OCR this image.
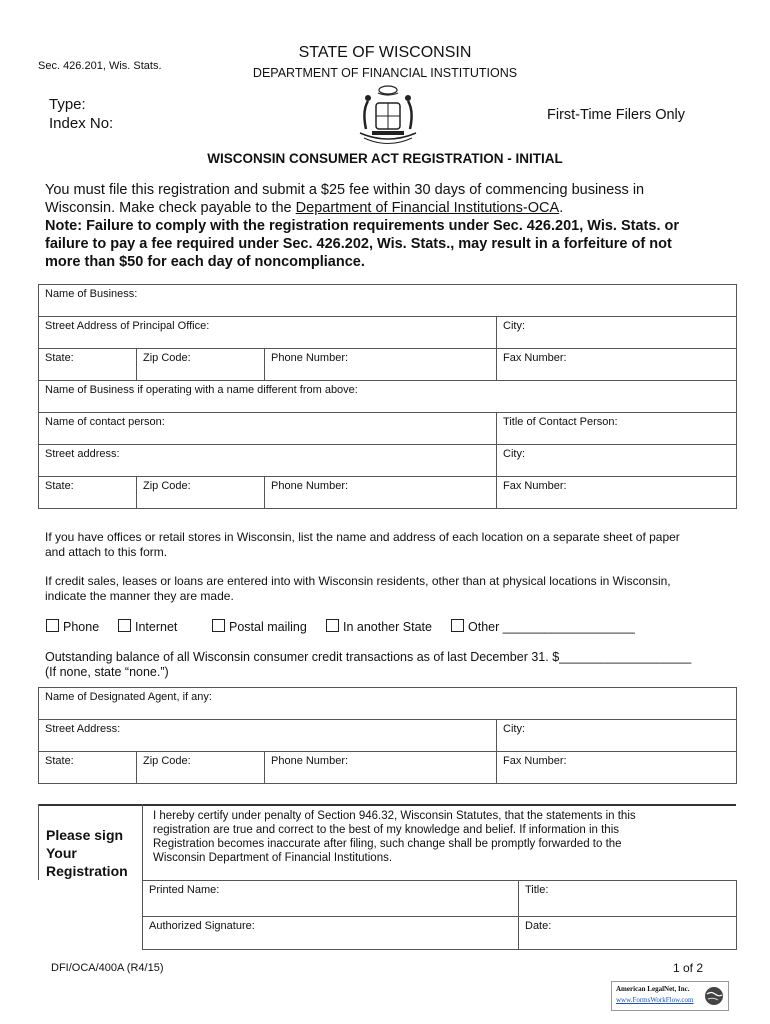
Sec. 426.201, Wis. Stats.
STATE OF WISCONSIN
DEPARTMENT OF FINANCIAL INSTITUTIONS
Type:
Index No:	First-Time Filers Only
WISCONSIN CONSUMER ACT REGISTRATION - INITIAL
You must file this registration and submit a $25 fee within 30 days of commencing business in
Wisconsin. Make check payable to the Department of Financial Institutions-OCA.
Note: Failure to comply with the registration requirements under Sec. 426.201, Wis. Stats. or
failure to pay a fee required under Sec. 426.202, Wis. Stats., may result in a forfeiture of not
more than $50 for each day of noncompliance.
Name of Business:			
Street Address of Principal Office:			City:
State:	Zip Code:	Phone Number:	Fax Number:
Name of Business if operating with a name different from above:			
Name of contact person:			Title of Contact Person:
Street address:			City:
State:	Zip Code:	Phone Number:	Fax Number:
If you have offices or retail stores in Wisconsin, list the name and address of each location on a separate sheet of paper
and attach to this form.
If credit sales, leases or loans are entered into with Wisconsin residents, other than at physical locations in Wisconsin,
indicate the manner they are made.
Phone	Internet	Postal mailing	In another State	Other ___________________
Outstanding balance of all Wisconsin consumer credit transactions as of last December 31. $___________________
(If none, state “none.”)
Name of Designated Agent, if any:			
Street Address:			City:
State:	Zip Code:	Phone Number:	Fax Number:
Please sign
Your
Registration
I hereby certify under penalty of Section 946.32, Wisconsin Statutes, that the statements in this
registration are true and correct to the best of my knowledge and belief. If information in this
Registration becomes inaccurate after filing, such change shall be promptly forwarded to the
Wisconsin Department of Financial Institutions.
Printed Name:	Title:
Authorized Signature:	Date:
DFI/OCA/400A (R4/15)	1 of 2
American LegalNet, Inc.
www.FormsWorkFlow.com
